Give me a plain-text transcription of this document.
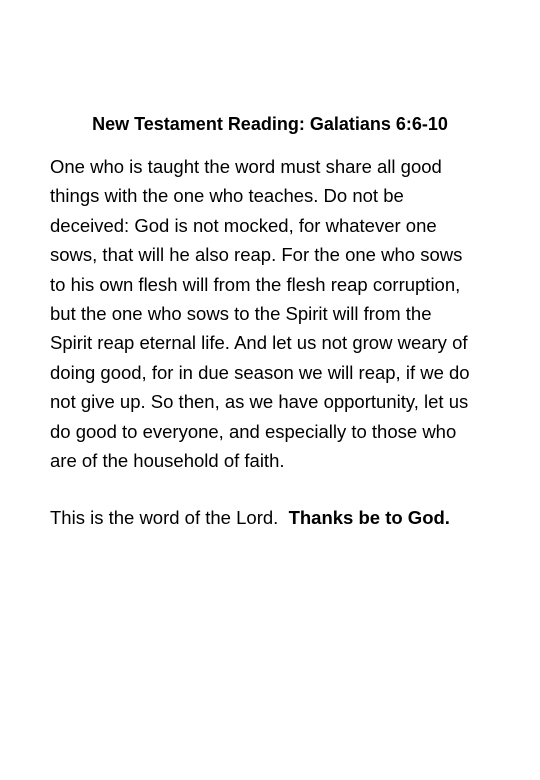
New Testament Reading: Galatians 6:6-10
One who is taught the word must share all good
things with the one who teaches. Do not be
deceived: God is not mocked, for whatever one
sows, that will he also reap. For the one who sows
to his own flesh will from the flesh reap corruption,
but the one who sows to the Spirit will from the
Spirit reap eternal life. And let us not grow weary of
doing good, for in due season we will reap, if we do
not give up. So then, as we have opportunity, let us
do good to everyone, and especially to those who
are of the household of faith.
This is the word of the Lord. Thanks be to God.
